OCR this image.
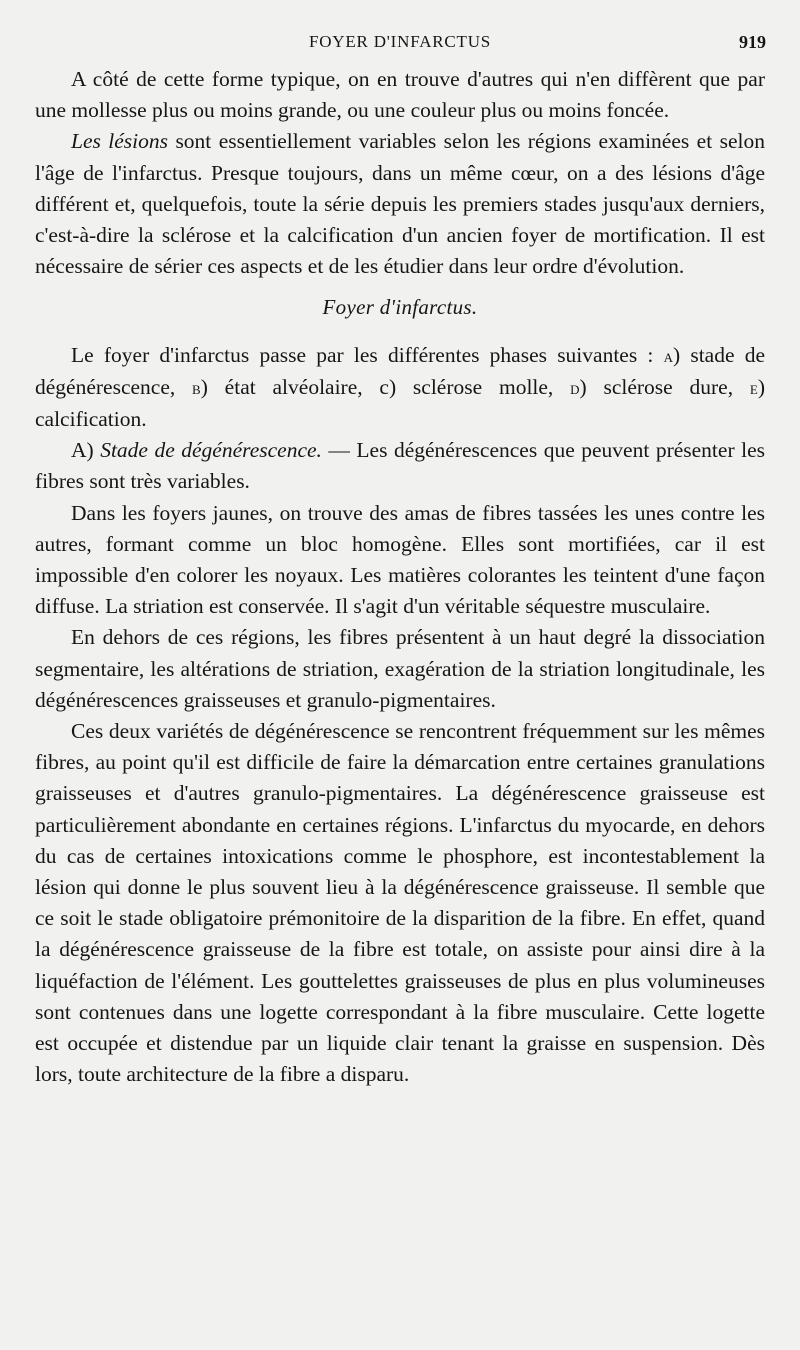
FOYER D'INFARCTUS	919

A côté de cette forme typique, on en trouve d'autres qui n'en diffèrent que par une mollesse plus ou moins grande, ou une couleur plus ou moins foncée.

Les lésions sont essentiellement variables selon les régions examinées et selon l'âge de l'infarctus. Presque toujours, dans un même cœur, on a des lésions d'âge différent et, quelquefois, toute la série depuis les premiers stades jusqu'aux derniers, c'est-à-dire la sclérose et la calcification d'un ancien foyer de mortification. Il est nécessaire de sérier ces aspects et de les étudier dans leur ordre d'évolution.

Foyer d'infarctus.

Le foyer d'infarctus passe par les différentes phases suivantes : a) stade de dégénérescence, b) état alvéolaire, c) sclérose molle, d) sclérose dure, e) calcification.

A) Stade de dégénérescence. — Les dégénérescences que peuvent présenter les fibres sont très variables.

Dans les foyers jaunes, on trouve des amas de fibres tassées les unes contre les autres, formant comme un bloc homogène. Elles sont mortifiées, car il est impossible d'en colorer les noyaux. Les matières colorantes les teintent d'une façon diffuse. La striation est conservée. Il s'agit d'un véritable séquestre musculaire.

En dehors de ces régions, les fibres présentent à un haut degré la dissociation segmentaire, les altérations de striation, exagération de la striation longitudinale, les dégénérescences graisseuses et granulo-pigmentaires.

Ces deux variétés de dégénérescence se rencontrent fréquemment sur les mêmes fibres, au point qu'il est difficile de faire la démarcation entre certaines granulations graisseuses et d'autres granulo-pigmentaires. La dégénérescence graisseuse est particulièrement abondante en certaines régions. L'infarctus du myocarde, en dehors du cas de certaines intoxications comme le phosphore, est incontestablement la lésion qui donne le plus souvent lieu à la dégénérescence graisseuse. Il semble que ce soit le stade obligatoire prémonitoire de la disparition de la fibre. En effet, quand la dégénérescence graisseuse de la fibre est totale, on assiste pour ainsi dire à la liquéfaction de l'élément. Les gouttelettes graisseuses de plus en plus volumineuses sont contenues dans une logette correspondant à la fibre musculaire. Cette logette est occupée et distendue par un liquide clair tenant la graisse en suspension. Dès lors, toute architecture de la fibre a disparu.
